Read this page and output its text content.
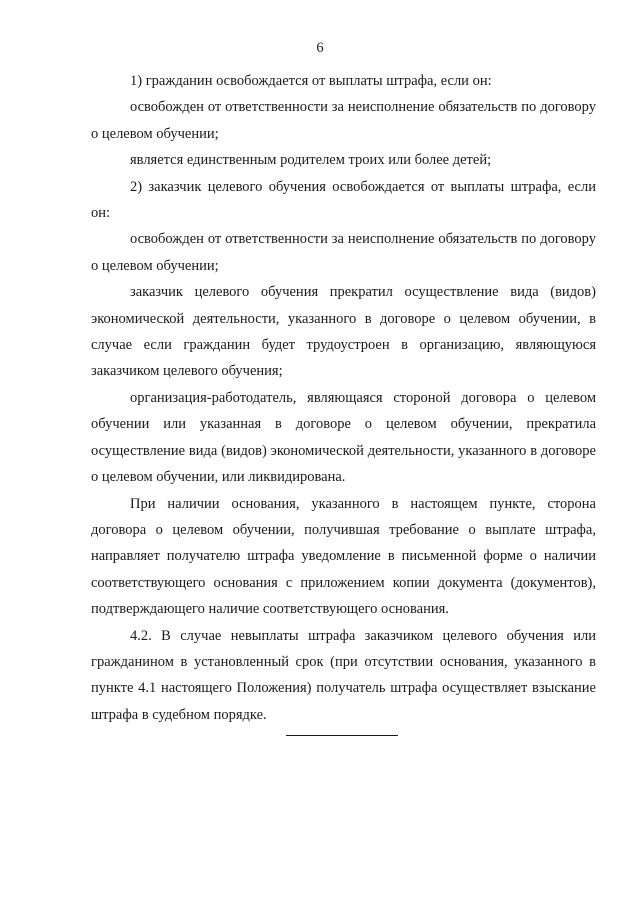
6

1) гражданин освобождается от выплаты штрафа, если он:

освобожден от ответственности за неисполнение обязательств по договору о целевом обучении;

является единственным родителем троих или более детей;

2) заказчик целевого обучения освобождается от выплаты штрафа, если он:

освобожден от ответственности за неисполнение обязательств по договору о целевом обучении;

заказчик целевого обучения прекратил осуществление вида (видов) экономической деятельности, указанного в договоре о целевом обучении, в случае если гражданин будет трудоустроен в организацию, являющуюся заказчиком целевого обучения;

организация-работодатель, являющаяся стороной договора о целевом обучении или указанная в договоре о целевом обучении, прекратила осуществление вида (видов) экономической деятельности, указанного в договоре о целевом обучении, или ликвидирована.

При наличии основания, указанного в настоящем пункте, сторона договора о целевом обучении, получившая требование о выплате штрафа, направляет получателю штрафа уведомление в письменной форме о наличии соответствующего основания с приложением копии документа (документов), подтверждающего наличие соответствующего основания.

4.2. В случае невыплаты штрафа заказчиком целевого обучения или гражданином в установленный срок (при отсутствии основания, указанного в пункте 4.1 настоящего Положения) получатель штрафа осуществляет взыскание штрафа в судебном порядке.
